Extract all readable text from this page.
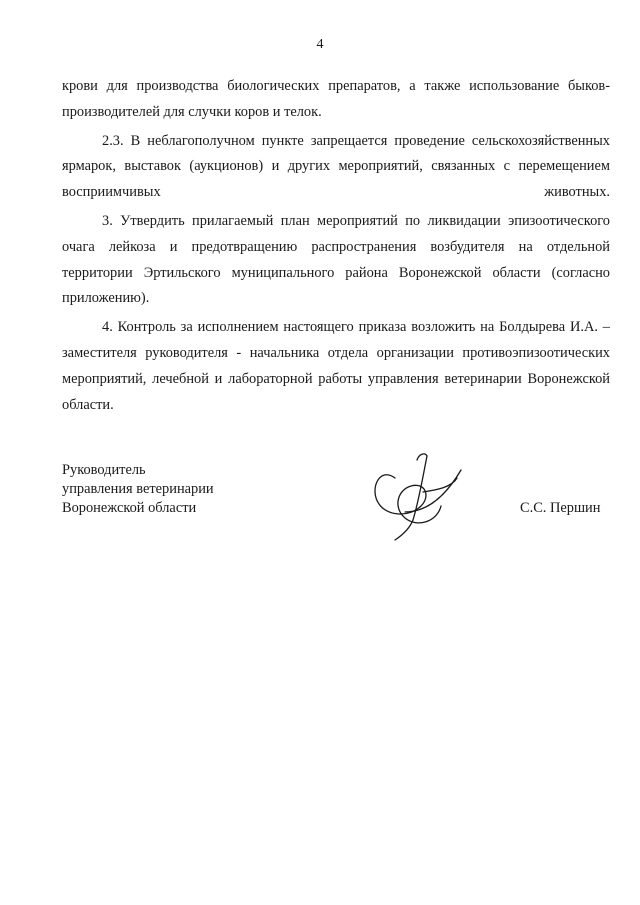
4

крови для производства биологических препаратов, а также использование быков-производителей для случки коров и телок.

2.3. В неблагополучном пункте запрещается проведение сельскохозяйственных ярмарок, выставок (аукционов) и других мероприятий, связанных с перемещением восприимчивых животных.

3. Утвердить прилагаемый план мероприятий по ликвидации эпизоотического очага лейкоза и предотвращению распространения возбудителя на отдельной территории Эртильского муниципального района Воронежской области (согласно приложению).

4. Контроль за исполнением настоящего приказа возложить на Болдырева И.А. – заместителя руководителя - начальника отдела организации противоэпизоотических мероприятий, лечебной и лабораторной работы управления ветеринарии Воронежской области.

Руководитель
управления ветеринарии
Воронежской области	С.С. Першин
